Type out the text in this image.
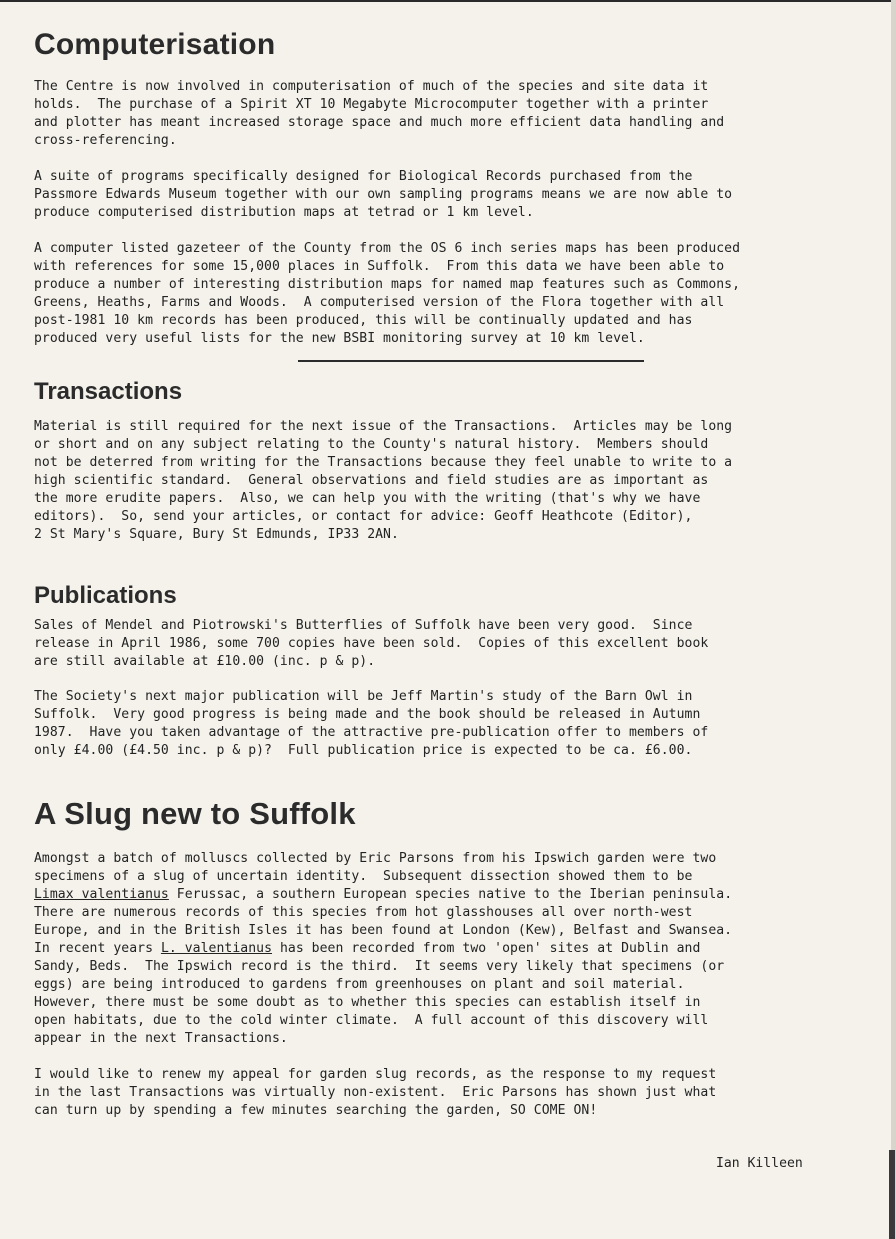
Computerisation

The Centre is now involved in computerisation of much of the species and site data it
holds.  The purchase of a Spirit XT 10 Megabyte Microcomputer together with a printer
and plotter has meant increased storage space and much more efficient data handling and
cross-referencing.

A suite of programs specifically designed for Biological Records purchased from the
Passmore Edwards Museum together with our own sampling programs means we are now able to
produce computerised distribution maps at tetrad or 1 km level.

A computer listed gazeteer of the County from the OS 6 inch series maps has been produced
with references for some 15,000 places in Suffolk.  From this data we have been able to
produce a number of interesting distribution maps for named map features such as Commons,
Greens, Heaths, Farms and Woods.  A computerised version of the Flora together with all
post-1981 10 km records has been produced, this will be continually updated and has
produced very useful lists for the new BSBI monitoring survey at 10 km level.

Transactions

Material is still required for the next issue of the Transactions.  Articles may be long
or short and on any subject relating to the County's natural history.  Members should
not be deterred from writing for the Transactions because they feel unable to write to a
high scientific standard.  General observations and field studies are as important as
the more erudite papers.  Also, we can help you with the writing (that's why we have
editors).  So, send your articles, or contact for advice: Geoff Heathcote (Editor),
2 St Mary's Square, Bury St Edmunds, IP33 2AN.

Publications

Sales of Mendel and Piotrowski's Butterflies of Suffolk have been very good.  Since
release in April 1986, some 700 copies have been sold.  Copies of this excellent book
are still available at £10.00 (inc. p & p).

The Society's next major publication will be Jeff Martin's study of the Barn Owl in
Suffolk.  Very good progress is being made and the book should be released in Autumn
1987.  Have you taken advantage of the attractive pre-publication offer to members of
only £4.00 (£4.50 inc. p & p)?  Full publication price is expected to be ca. £6.00.

A Slug new to Suffolk

Amongst a batch of molluscs collected by Eric Parsons from his Ipswich garden were two
specimens of a slug of uncertain identity.  Subsequent dissection showed them to be
Limax valentianus Ferussac, a southern European species native to the Iberian peninsula.
There are numerous records of this species from hot glasshouses all over north-west
Europe, and in the British Isles it has been found at London (Kew), Belfast and Swansea.
In recent years L. valentianus has been recorded from two 'open' sites at Dublin and
Sandy, Beds.  The Ipswich record is the third.  It seems very likely that specimens (or
eggs) are being introduced to gardens from greenhouses on plant and soil material.
However, there must be some doubt as to whether this species can establish itself in
open habitats, due to the cold winter climate.  A full account of this discovery will
appear in the next Transactions.

I would like to renew my appeal for garden slug records, as the response to my request
in the last Transactions was virtually non-existent.  Eric Parsons has shown just what
can turn up by spending a few minutes searching the garden, SO COME ON!

Ian Killeen
